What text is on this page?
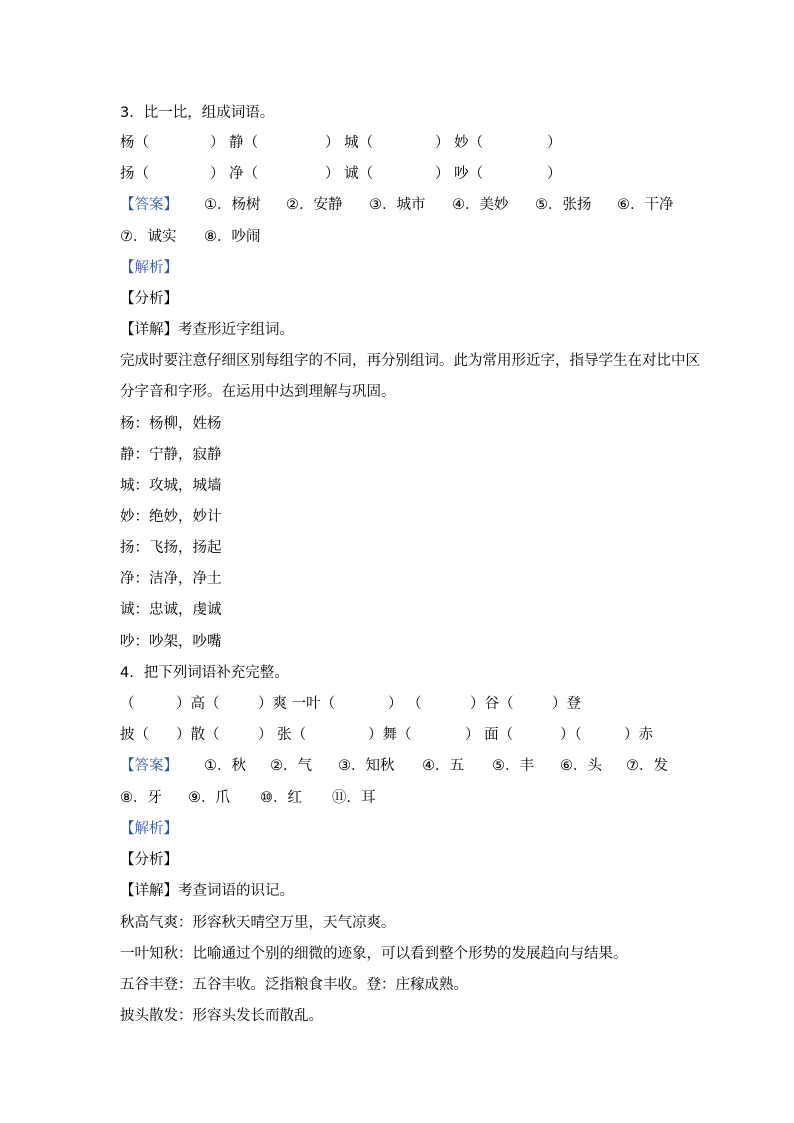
3．比一比，组成词语。
杨（	） 静（	） 城（	） 妙（	）
扬（	） 净（	） 诚（	） 吵（	）
【答案】 ①．杨树 ②．安静 ③．城市 ④．美妙 ⑤．张扬 ⑥．干净
⑦．诚实 ⑧．吵闹
【解析】
【分析】
【详解】考查形近字组词。
完成时要注意仔细区别每组字的不同，再分别组词。此为常用形近字，指导学生在对比中区
分字音和字形。在运用中达到理解与巩固。
杨：杨柳，姓杨
静：宁静，寂静
城：攻城，城墙
妙：绝妙，妙计
扬：飞扬，扬起
净：洁净，净土
诚：忠诚，虔诚
吵：吵架，吵嘴
4．把下列词语补充完整。
（	）高（	）爽 一叶（	） （	）谷（	）登
披（ ）散（	） 张（	）舞（	） 面（	）（	）赤
【答案】 ①．秋 ②．气 ③．知秋 ④．五 ⑤．丰 ⑥．头 ⑦．发
⑧．牙 ⑨．爪 ⑩．红 ⑪．耳
【解析】
【分析】
【详解】考查词语的识记。
秋高气爽：形容秋天晴空万里，天气凉爽。
一叶知秋：比喻通过个别的细微的迹象，可以看到整个形势的发展趋向与结果。
五谷丰登：五谷丰收。泛指粮食丰收。登：庄稼成熟。
披头散发：形容头发长而散乱。
